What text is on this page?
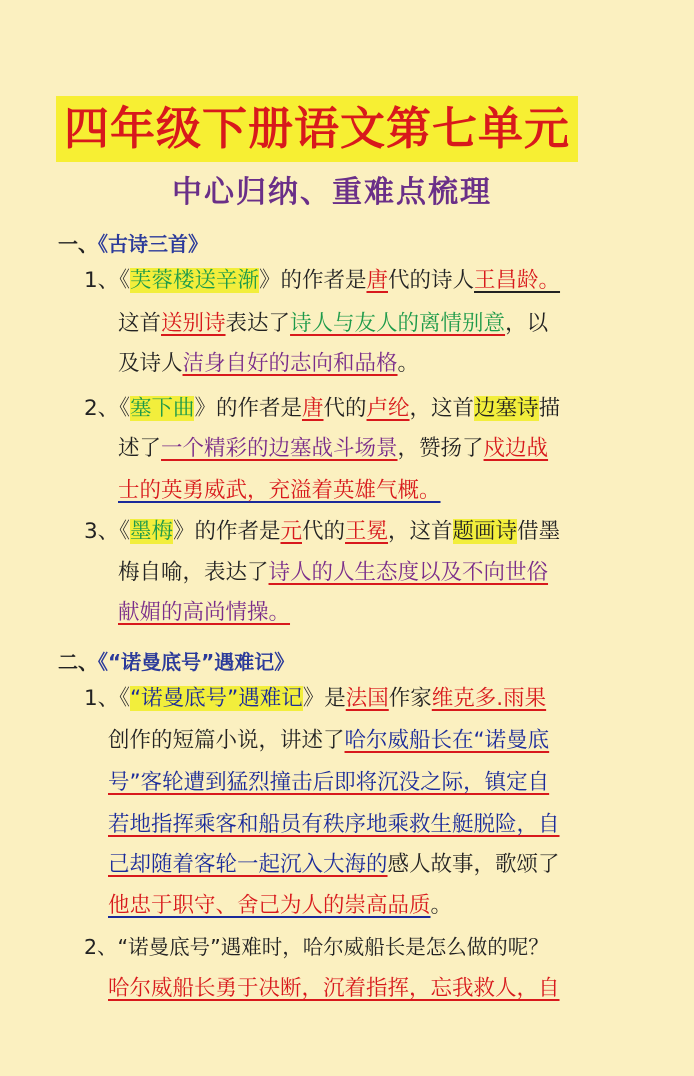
四年级下册语文第七单元
中心归纳、重难点梳理
一、《古诗三首》
1、《芙蓉楼送辛渐》的作者是唐代的诗人王昌龄。
这首送别诗表达了诗人与友人的离情别意，以
及诗人洁身自好的志向和品格。
2、《塞下曲》的作者是唐代的卢纶，这首边塞诗描
述了一个精彩的边塞战斗场景，赞扬了戍边战
士的英勇威武，充溢着英雄气概。
3、《墨梅》的作者是元代的王冕，这首题画诗借墨
梅自喻，表达了诗人的人生态度以及不向世俗
献媚的高尚情操。
二、《“诺曼底号”遇难记》
1、《“诺曼底号”遇难记》是法国作家维克多.雨果
创作的短篇小说，讲述了哈尔威船长在“诺曼底
号”客轮遭到猛烈撞击后即将沉没之际，镇定自
若地指挥乘客和船员有秩序地乘救生艇脱险，自
己却随着客轮一起沉入大海的感人故事，歌颂了
他忠于职守、舍己为人的崇高品质。
2、“诺曼底号”遇难时，哈尔威船长是怎么做的呢？
哈尔威船长勇于决断，沉着指挥，忘我救人，自
